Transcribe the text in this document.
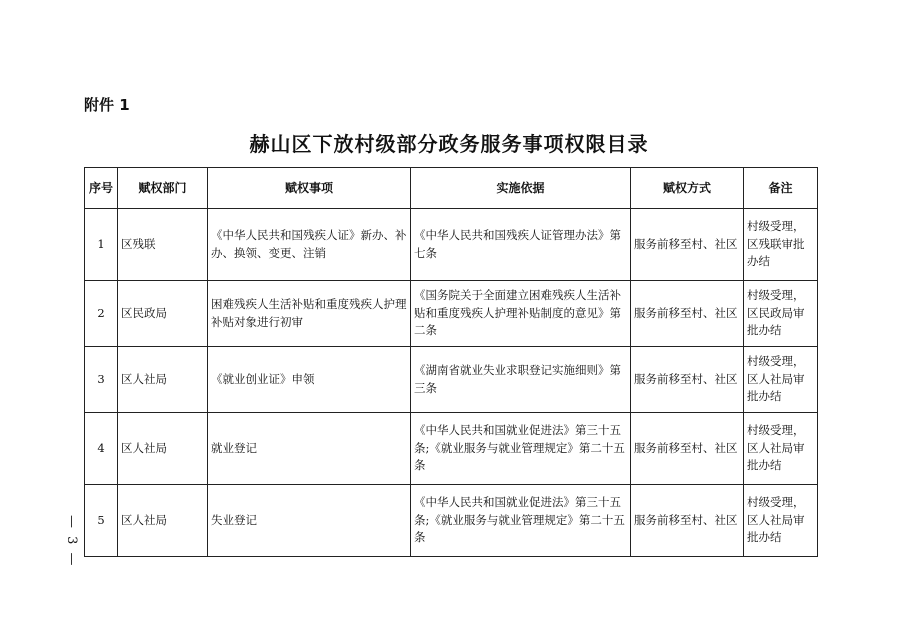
附件 1
赫山区下放村级部分政务服务事项权限目录
序号	赋权部门	赋权事项	实施依据	赋权方式	备注
1	区残联	《中华人民共和国残疾人证》新办、补办、换领、变更、注销	《中华人民共和国残疾人证管理办法》第七条	服务前移至村、社区	村级受理，区残联审批办结
2	区民政局	困难残疾人生活补贴和重度残疾人护理补贴对象进行初审	《国务院关于全面建立困难残疾人生活补贴和重度残疾人护理补贴制度的意见》第二条	服务前移至村、社区	村级受理，区民政局审批办结
3	区人社局	《就业创业证》申领	《湖南省就业失业求职登记实施细则》第三条	服务前移至村、社区	村级受理，区人社局审批办结
4	区人社局	就业登记	《中华人民共和国就业促进法》第三十五条;《就业服务与就业管理规定》第二十五条	服务前移至村、社区	村级受理，区人社局审批办结
5	区人社局	失业登记	《中华人民共和国就业促进法》第三十五条;《就业服务与就业管理规定》第二十五条	服务前移至村、社区	村级受理，区人社局审批办结
— 3 —
